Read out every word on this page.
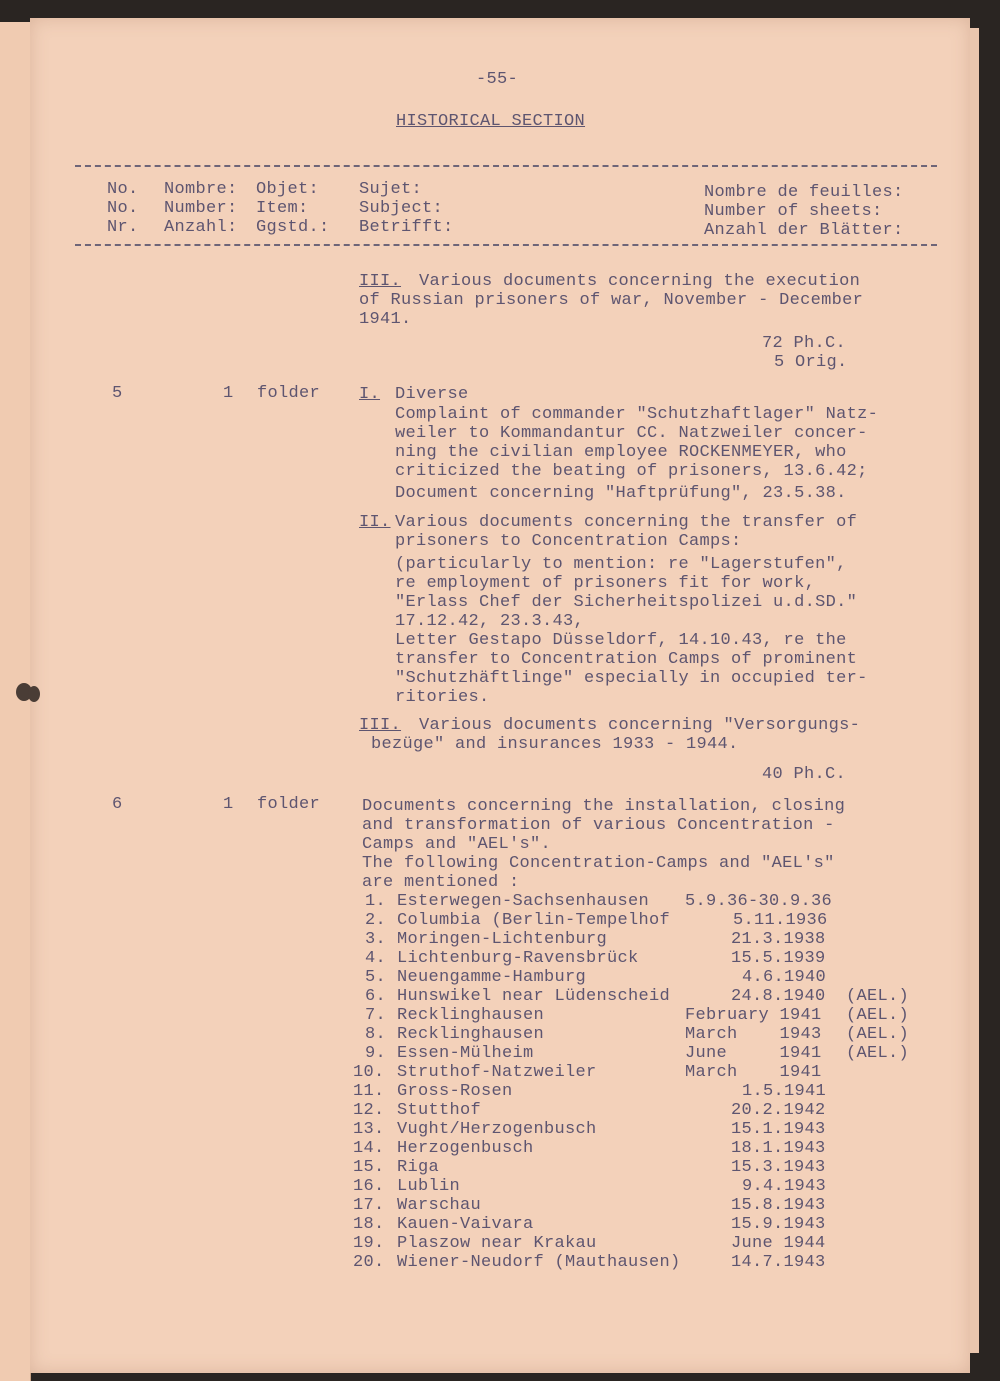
-55-
HISTORICAL SECTION
No. Nombre: Objet: Sujet:	Nombre de feuilles:
No. Number: Item:	Subject:	Number of sheets:
Nr. Anzahl: Ggstd.: Betrifft:	Anzahl der Blätter:
III. Various documents concerning the execution
of Russian prisoners of war, November - December
1941.
72 Ph.C.
5 Orig.
5	1 folder I. Diverse
Complaint of commander "Schutzhaftlager" Natz-
weiler to Kommandantur CC. Natzweiler concer-
ning the civilian employee ROCKENMEYER, who
criticized the beating of prisoners, 13.6.42;
Document concerning "Haftprüfung", 23.5.38.
II. Various documents concerning the transfer of
prisoners to Concentration Camps:
(particularly to mention: re "Lagerstufen",
re employment of prisoners fit for work,
"Erlass Chef der Sicherheitspolizei u.d.SD."
17.12.42, 23.3.43,
Letter Gestapo Düsseldorf, 14.10.43, re the
transfer to Concentration Camps of prominent
"Schutzhäftlinge" especially in occupied ter-
ritories.
III. Various documents concerning "Versorgungs-
bezüge" and insurances 1933 - 1944.
40 Ph.C.
6	1 folder Documents concerning the installation, closing
and transformation of various Concentration -
Camps and "AEL's".
The following Concentration-Camps and "AEL's"
are mentioned :
1. Esterwegen-Sachsenhausen 5.9.36-30.9.36
2. Columbia (Berlin-Tempelhof	5.11.1936
3. Moringen-Lichtenburg	21.3.1938
4. Lichtenburg-Ravensbrück	15.5.1939
5. Neuengamme-Hamburg	4.6.1940
6. Hunswikel near Lüdenscheid	24.8.1940 (AEL.)
7. Recklinghausen	February 1941 (AEL.)
8. Recklinghausen	March    1943 (AEL.)
9. Essen-Mülheim	June     1941 (AEL.)
10. Struthof-Natzweiler	March    1941
11. Gross-Rosen	1.5.1941
12. Stutthof	20.2.1942
13. Vught/Herzogenbusch	15.1.1943
14. Herzogenbusch	18.1.1943
15. Riga	15.3.1943
16. Lublin	9.4.1943
17. Warschau	15.8.1943
18. Kauen-Vaivara	15.9.1943
19. Plaszow near Krakau	June 1944
20. Wiener-Neudorf (Mauthausen)	14.7.1943
